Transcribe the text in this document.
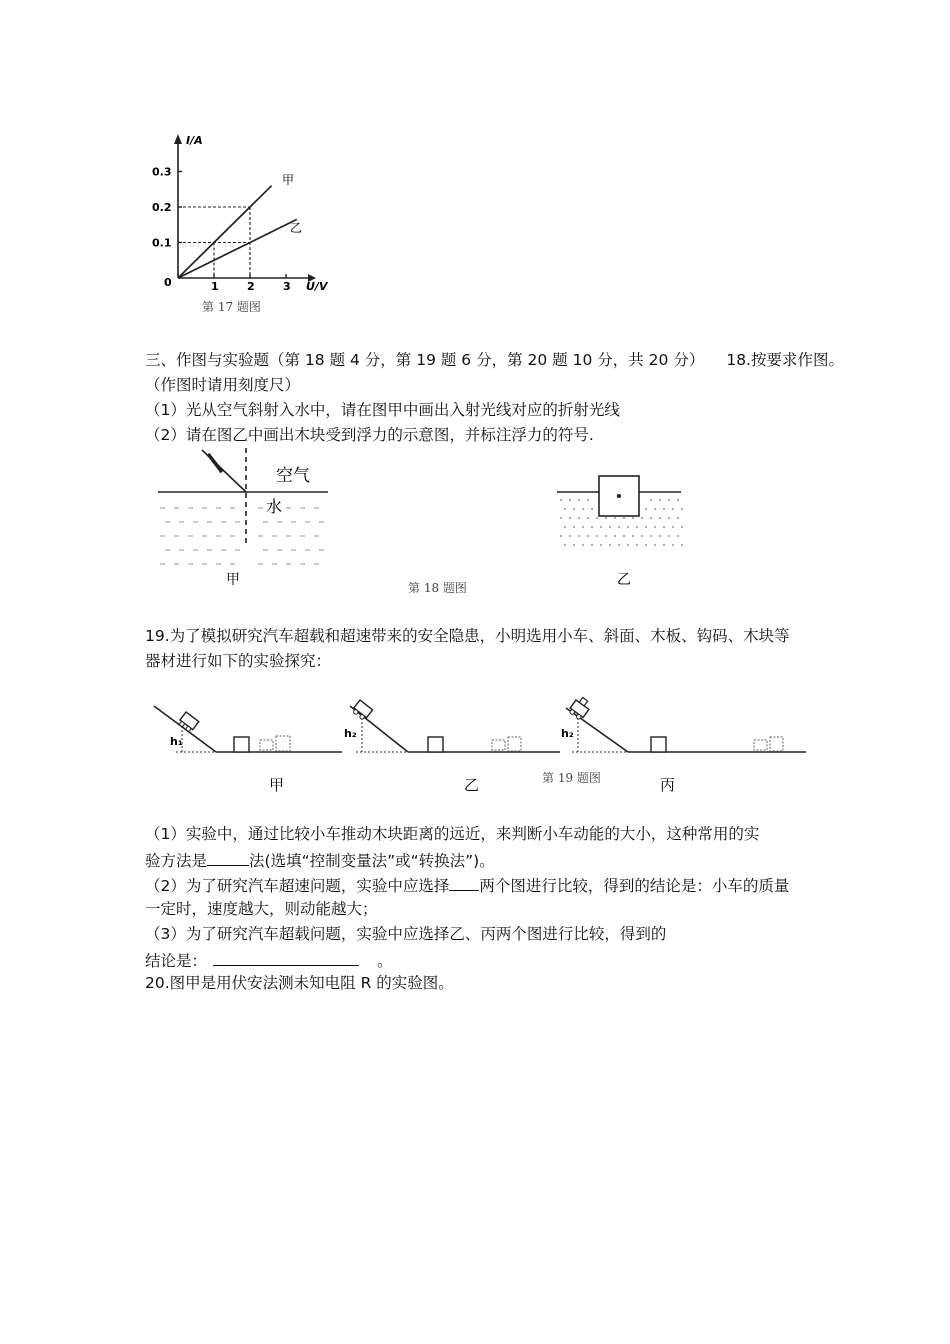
I/A
U/V
0	1	2	3
0.1
0.2
0.3
甲
乙
第 17 题图
三、作图与实验题（第 18 题 4 分，第 19 题 6 分，第 20 题 10 分，共 20 分） 18.按要求作图。
（作图时请用刻度尺）
（1）光从空气斜射入水中，请在图甲中画出入射光线对应的折射光线
（2）请在图乙中画出木块受到浮力的示意图，并标注浮力的符号.
空气
水
甲	第 18 题图	乙
19.为了模拟研究汽车超载和超速带来的安全隐患，小明选用小车、斜面、木板、钩码、木块等
器材进行如下的实验探究：
h₁
甲
h₂
乙	第 19 题图
h₂
丙
（1）实验中，通过比较小车推动木块距离的远近，来判断小车动能的大小，这种常用的实
验方法是	法(选填“控制变量法”或“转换法”)。
（2）为了研究汽车超速问题，实验中应选择 两个图进行比较，得到的结论是：小车的质量
一定时，速度越大，则动能越大；
（3）为了研究汽车超载问题，实验中应选择乙、丙两个图进行比较，得到的
结论是：	。
20.图甲是用伏安法测未知电阻 R 的实验图。
